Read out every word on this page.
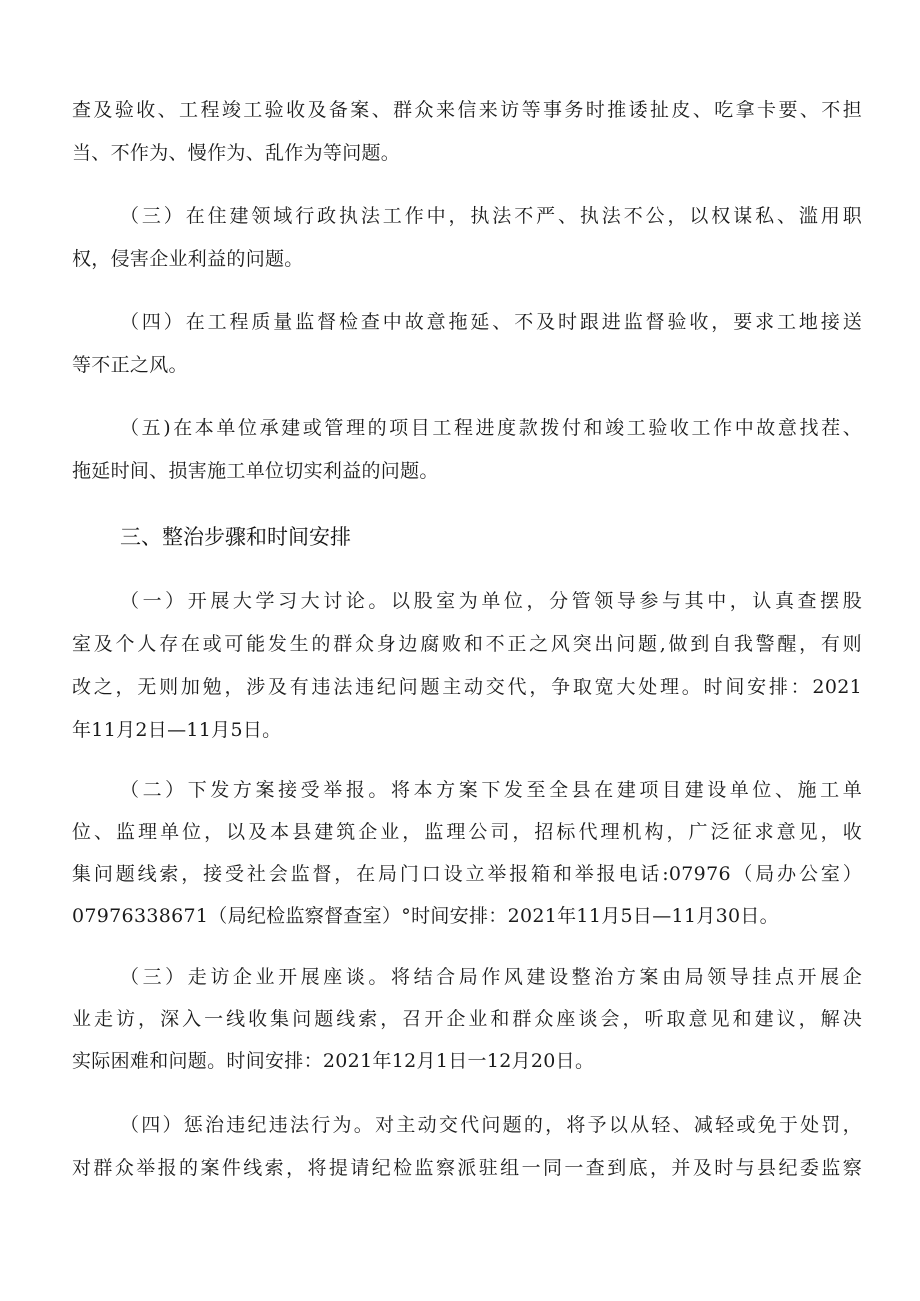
查及验收、工程竣工验收及备案、群众来信来访等事务时推诿扯皮、吃拿卡要、不担
当、不作为、慢作为、乱作为等问题。
（三）在住建领域行政执法工作中，执法不严、执法不公，以权谋私、滥用职
权，侵害企业利益的问题。
（四）在工程质量监督检查中故意拖延、不及时跟进监督验收，要求工地接送
等不正之风。
（五)在本单位承建或管理的项目工程进度款拨付和竣工验收工作中故意找茬、
拖延时间、损害施工单位切实利益的问题。
三、整治步骤和时间安排
（一）开展大学习大讨论。以股室为单位，分管领导参与其中，认真查摆股
室及个人存在或可能发生的群众身边腐败和不正之风突出问题,做到自我警醒，有则
改之，无则加勉，涉及有违法违纪问题主动交代，争取宽大处理。时间安排：2021
年11月2日—11月5日。
（二）下发方案接受举报。将本方案下发至全县在建项目建设单位、施工单
位、监理单位，以及本县建筑企业，监理公司，招标代理机构，广泛征求意见，收
集问题线索，接受社会监督，在局门口设立举报箱和举报电话:07976（局办公室）
07976338671（局纪检监察督查室）°时间安排：2021年11月5日—11月30日。
（三）走访企业开展座谈。将结合局作风建设整治方案由局领导挂点开展企
业走访，深入一线收集问题线索，召开企业和群众座谈会，听取意见和建议，解决
实际困难和问题。时间安排：2021年12月1日一12月20日。
（四）惩治违纪违法行为。对主动交代问题的，将予以从轻、减轻或免于处罚，
对群众举报的案件线索，将提请纪检监察派驻组一同一查到底，并及时与县纪委监察
